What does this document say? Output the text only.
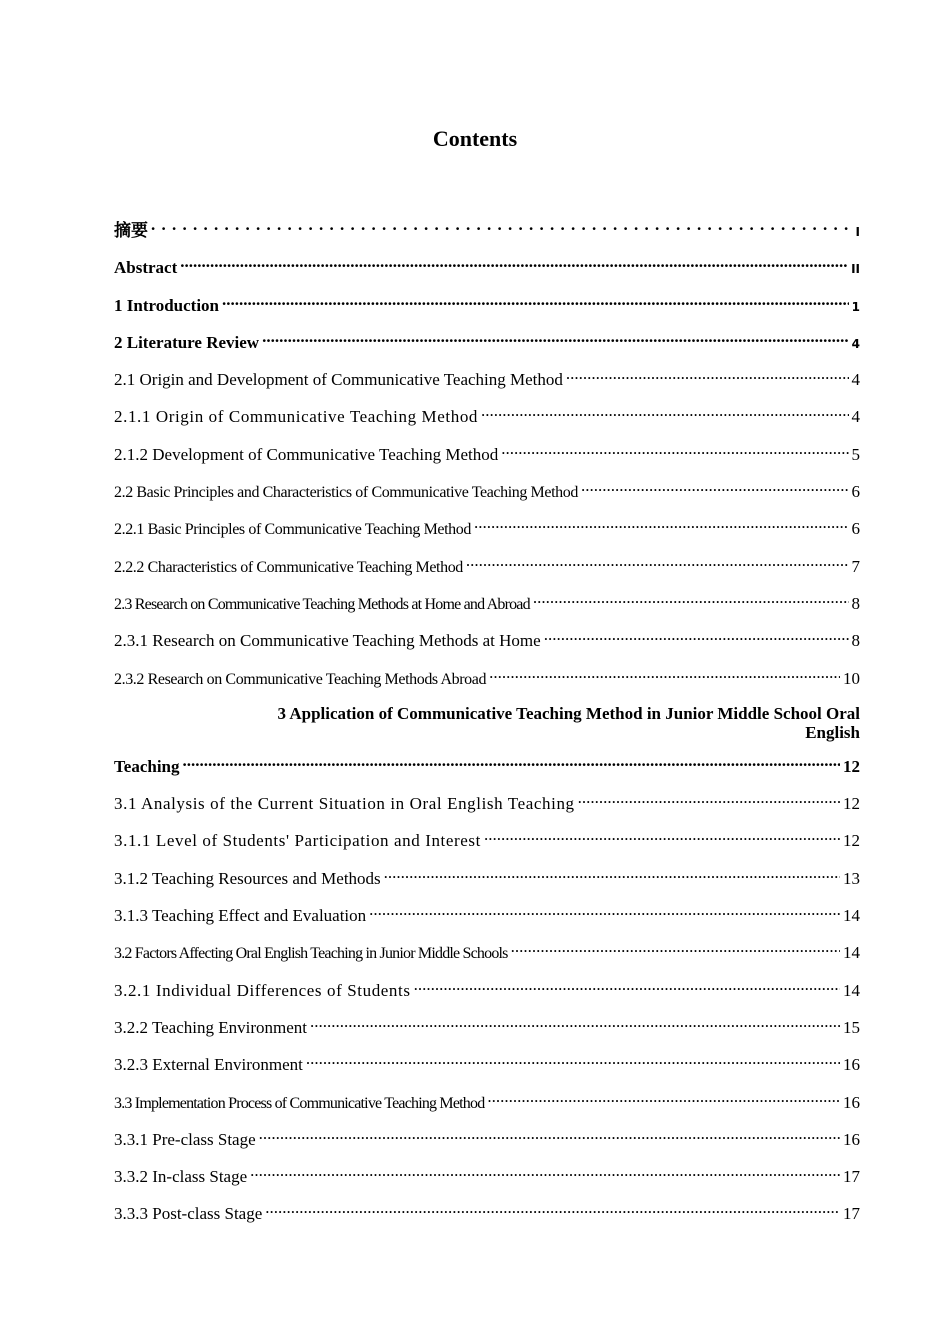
Contents
摘要 . . .	I
Abstract .....	II
1 Introduction .....	1
2 Literature Review .....	4
2.1 Origin and Development of Communicative Teaching Method .....	4
2.1.1 Origin of Communicative Teaching Method .....	4
2.1.2 Development of Communicative Teaching Method .....	5
2.2 Basic Principles and Characteristics of Communicative Teaching Method .....	6
2.2.1 Basic Principles of Communicative Teaching Method .....	6
2.2.2 Characteristics of Communicative Teaching Method .....	7
2.3 Research on Communicative Teaching Methods at Home and Abroad .....	8
2.3.1 Research on Communicative Teaching Methods at Home .....	8
2.3.2 Research on Communicative Teaching Methods Abroad .....	10
3 Application of Communicative Teaching Method in Junior Middle School Oral
English
Teaching .....	12
3.1 Analysis of the Current Situation in Oral English Teaching .....	12
3.1.1 Level of Students' Participation and Interest .....	12
3.1.2 Teaching Resources and Methods .....	13
3.1.3 Teaching Effect and Evaluation .....	14
3.2 Factors Affecting Oral English Teaching in Junior Middle Schools .....	14
3.2.1 Individual Differences of Students .....	14
3.2.2 Teaching Environment .....	15
3.2.3 External Environment .....	16
3.3 Implementation Process of Communicative Teaching Method .....	16
3.3.1 Pre-class Stage .....	16
3.3.2 In-class Stage .....	17
3.3.3 Post-class Stage .....	17
